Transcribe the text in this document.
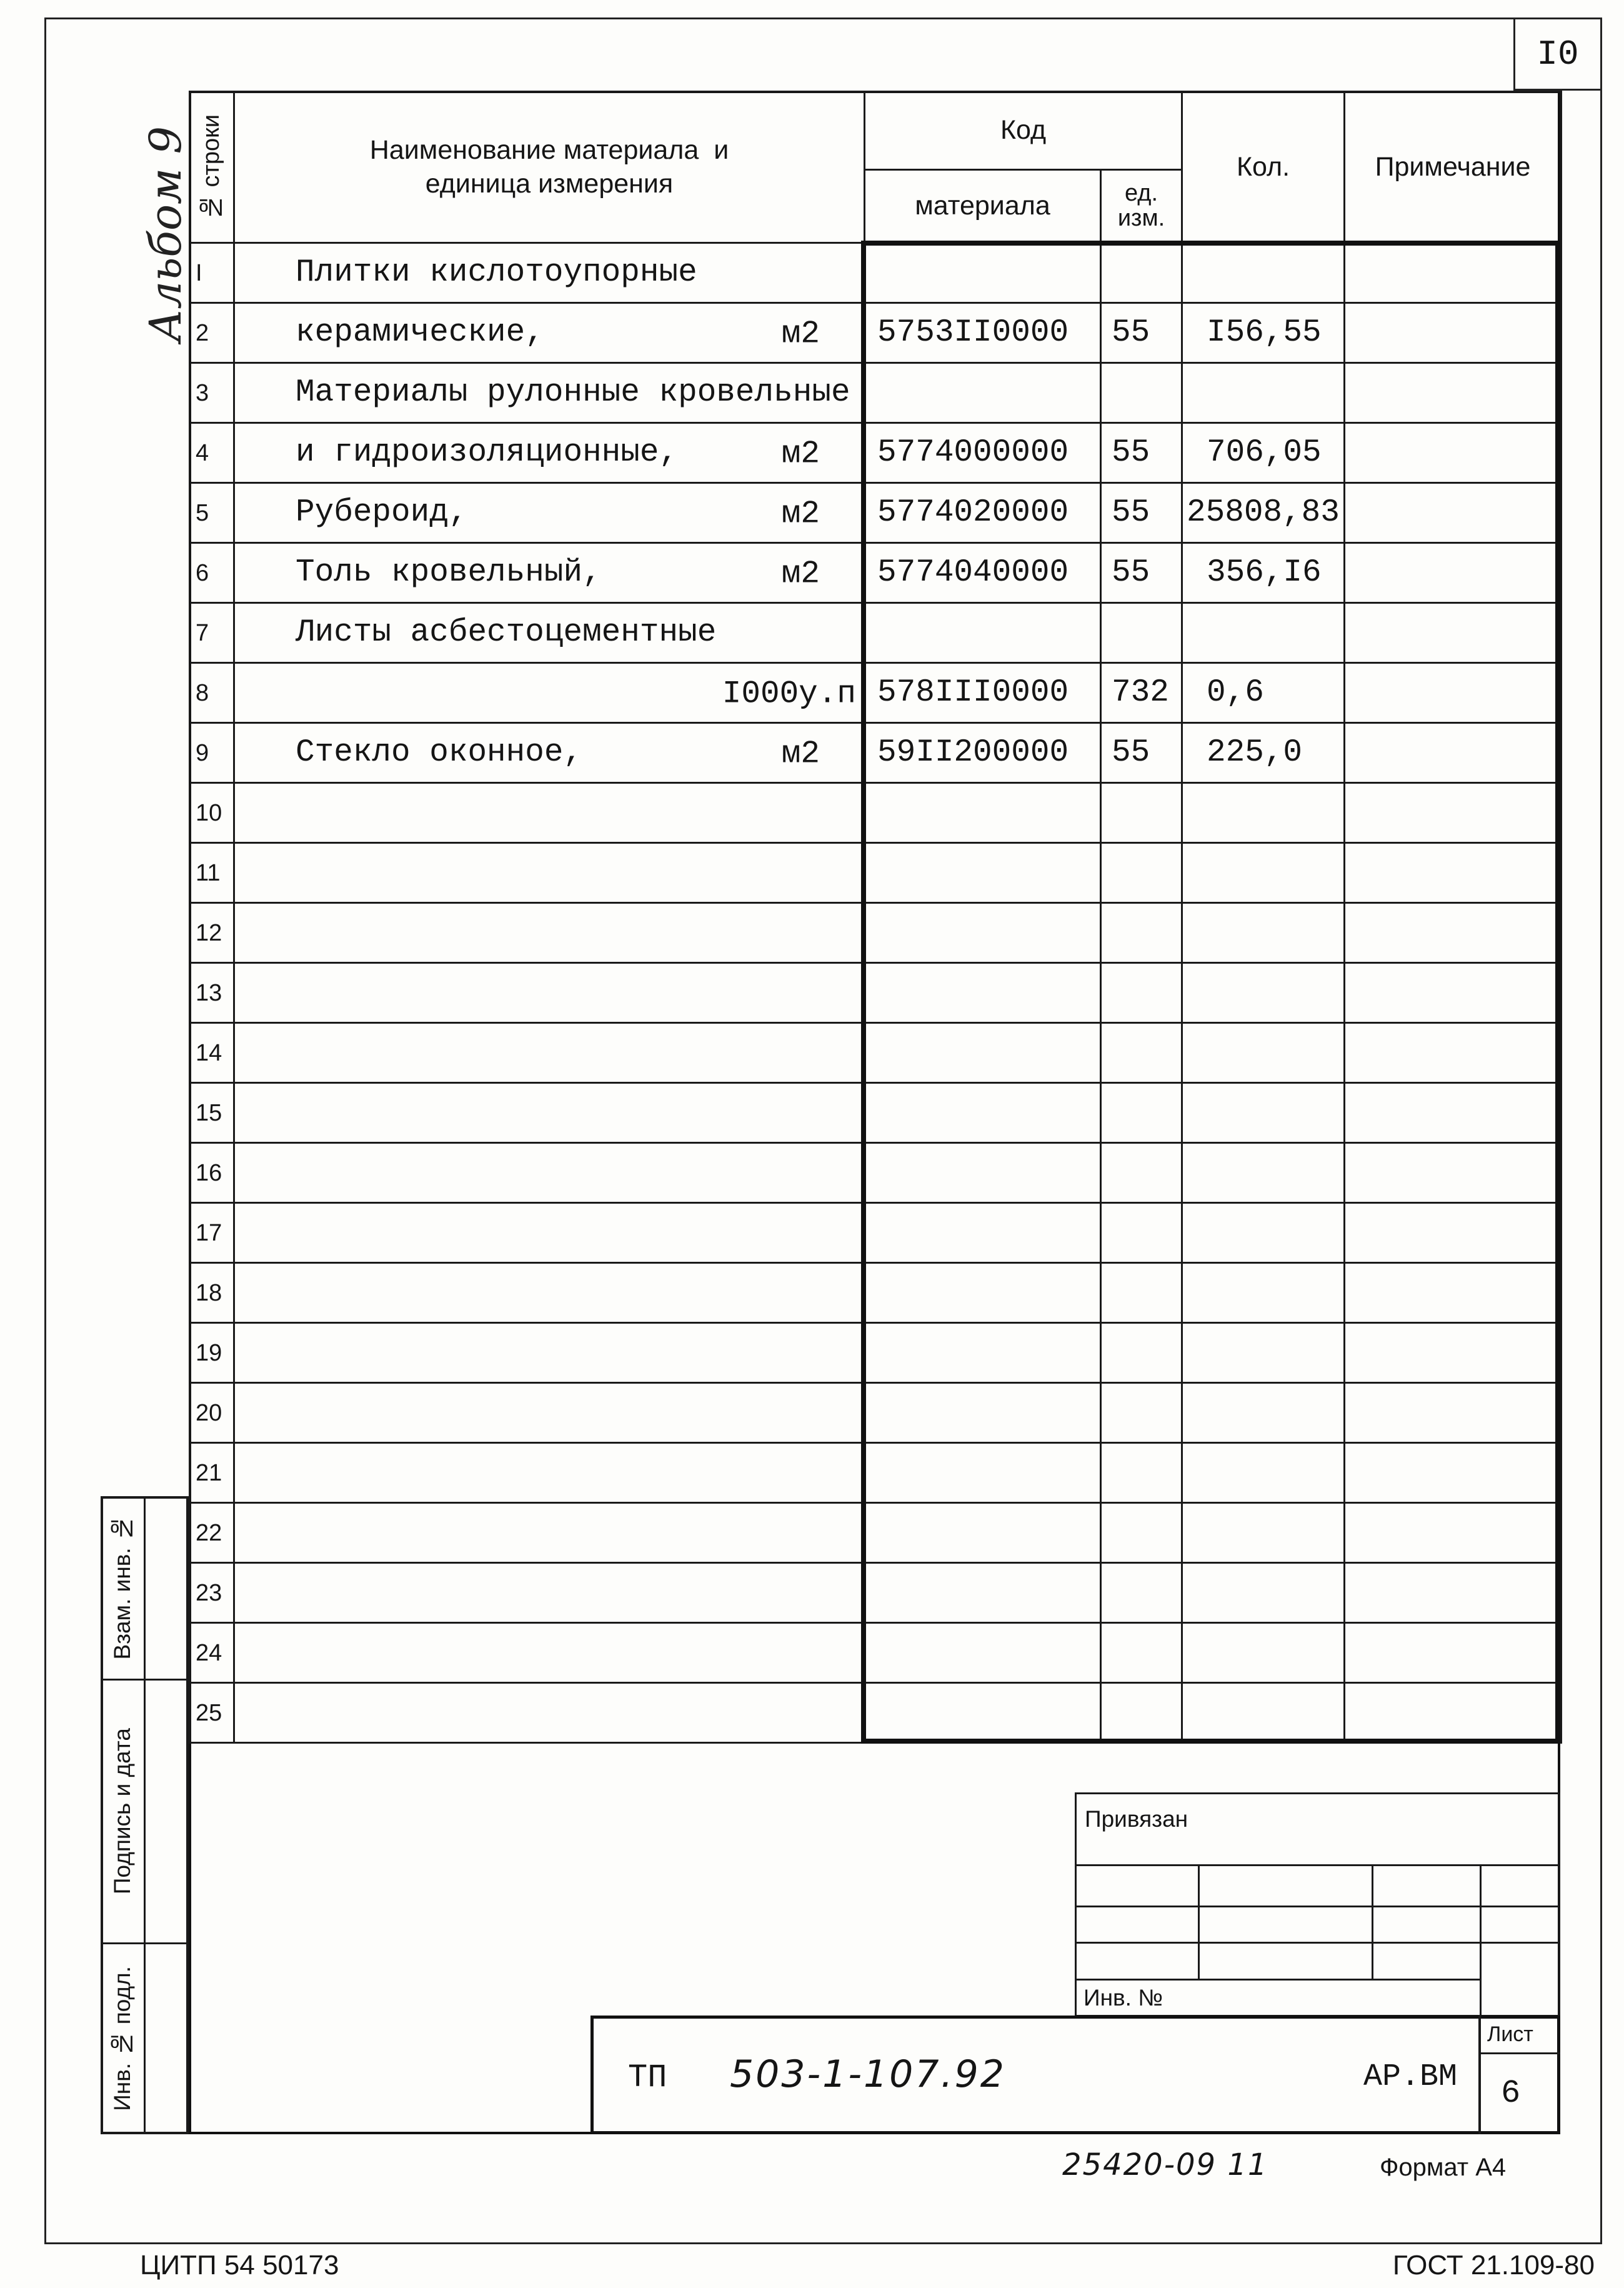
I0
Альбом 9 № строки	Наименование материала  и
единица измерения	Код		Кол.	Примечание
		материала	ед.
изм.		

I	Плитки кислотоупорные

2	керамические, м2	5753II0000	55	I56,55	
3	Материалы рулонные кровельные

4	и гидроизоляционные, м2	5774000000	55	706,05	
5	Рубероид, м2	5774020000	55	25808,83	
6	Толь кровельный, м2	5774040000	55	356,I6	
7	Листы асбестоцементные

8	I000у.п	578III0000	732	0,6	
9	Стекло оконное, м2	59II200000	55	225,0	
10	

11	

12	

13	

14	

15	

16	

17	

18	

19	

20	

21	

22	

23	

24	

25	

Взам. инв. №
Подпись и дата
Инв. № подл.
Привязан
Инв. №
Лист
6
ТП 503-1-107.92	АР.ВМ
25420-09 11	Формат А4
ЦИТП 54 50173	ГОСТ 21.109-80
